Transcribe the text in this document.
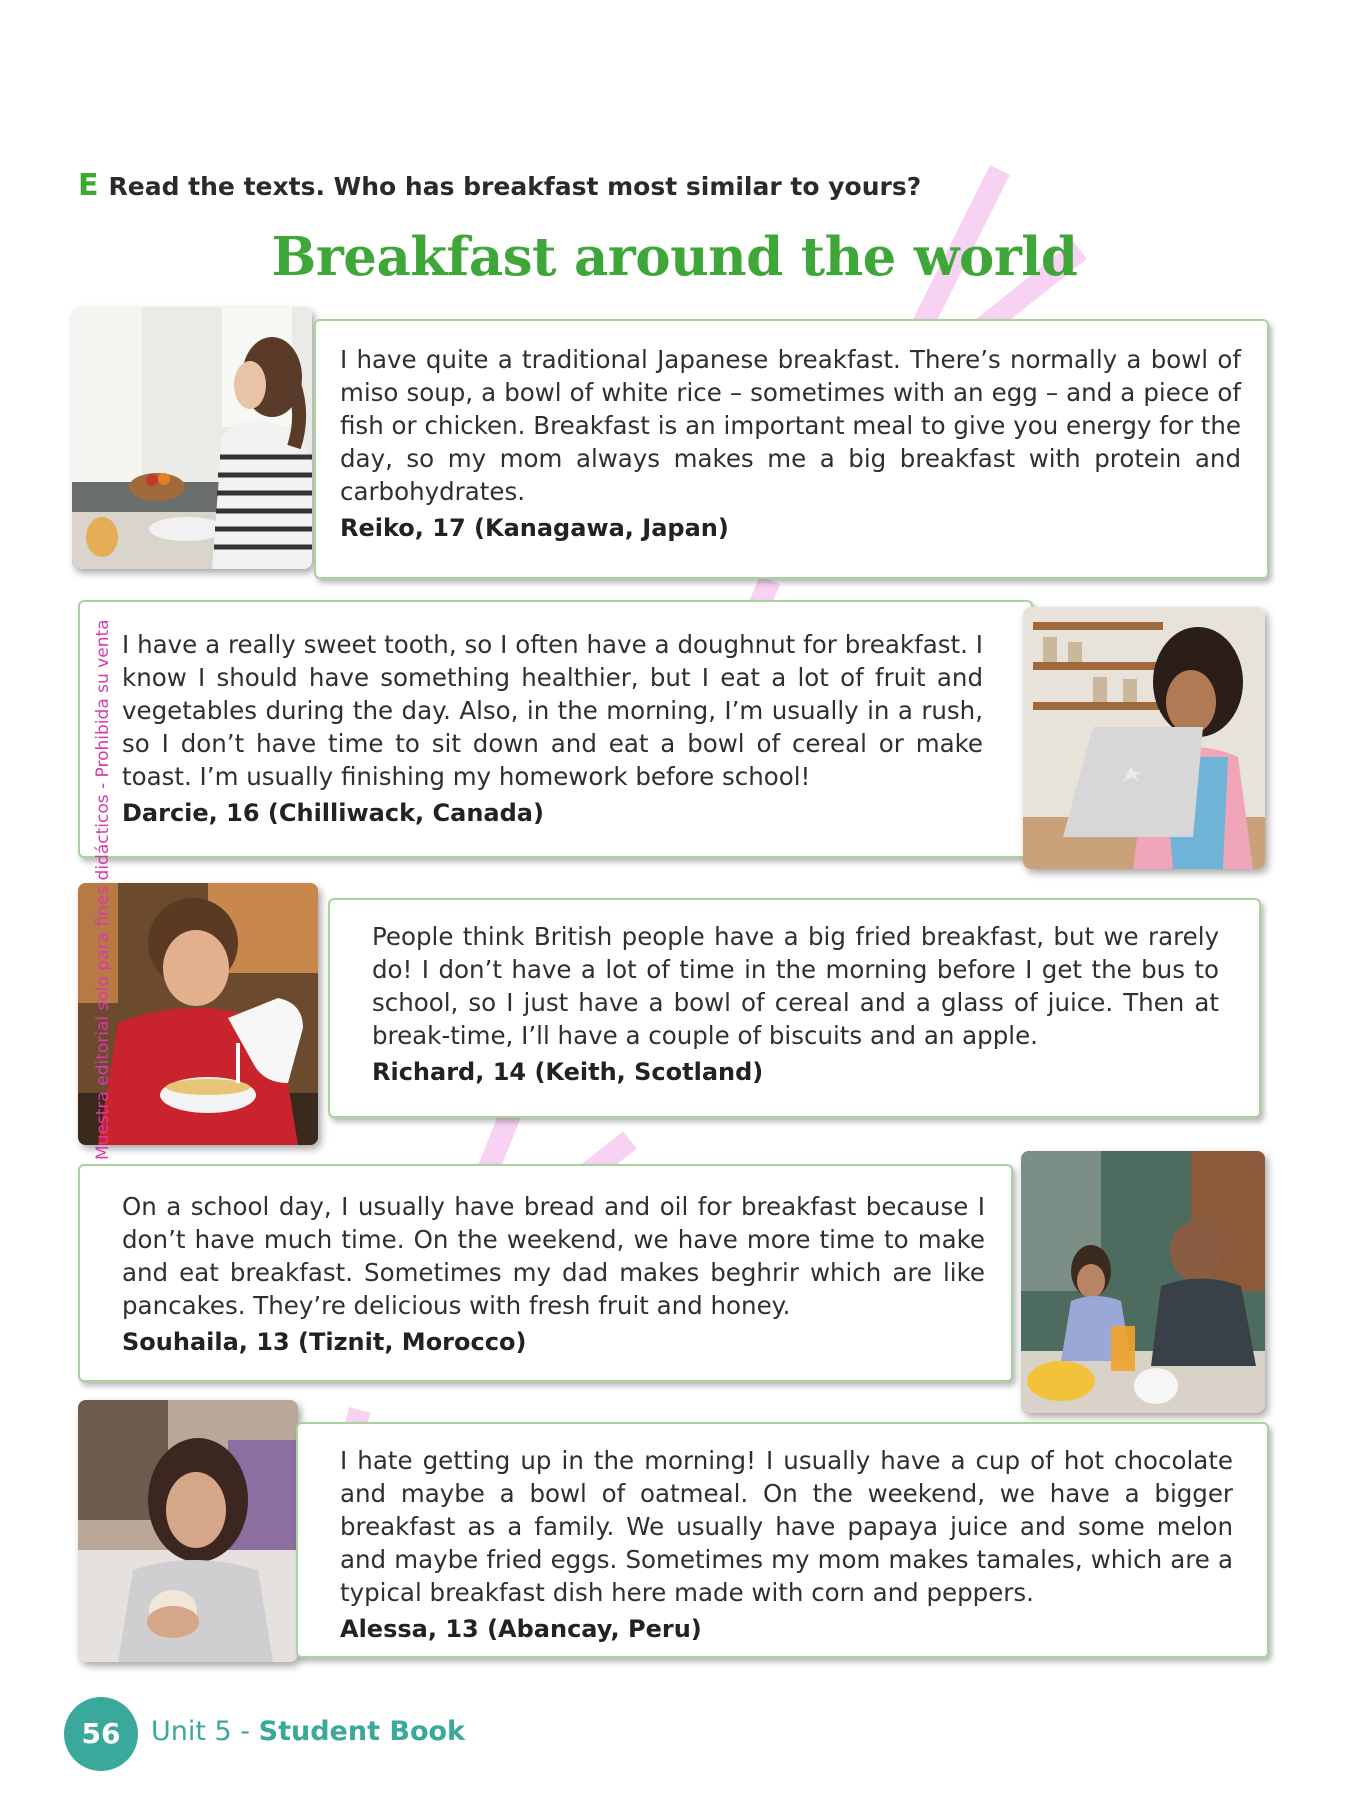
E Read the texts. Who has breakfast most similar to yours?
Breakfast around the world

I have quite a traditional Japanese breakfast. There’s normally a bowl of miso soup, a bowl of white rice – sometimes with an egg – and a piece of fish or chicken. Breakfast is an important meal to give you energy for the day, so my mom always makes me a big breakfast with protein and carbohydrates.

Reiko, 17 (Kanagawa, Japan)

I have a really sweet tooth, so I often have a doughnut for breakfast. I know I should have something healthier, but I eat a lot of fruit and vegetables during the day. Also, in the morning, I’m usually in a rush, so I don’t have time to sit down and eat a bowl of cereal or make toast. I’m usually finishing my homework before school!

Darcie, 16 (Chilliwack, Canada)

People think British people have a big fried breakfast, but we rarely do! I don’t have a lot of time in the morning before I get the bus to school, so I just have a bowl of cereal and a glass of juice. Then at break-time, I’ll have a couple of biscuits and an apple.

Richard, 14 (Keith, Scotland)

On a school day, I usually have bread and oil for breakfast because I don’t have much time. On the weekend, we have more time to make and eat breakfast. Sometimes my dad makes beghrir which are like pancakes. They’re delicious with fresh fruit and honey.

Souhaila, 13 (Tiznit, Morocco)

I hate getting up in the morning! I usually have a cup of hot chocolate and maybe a bowl of oatmeal. On the weekend, we have a bigger breakfast as a family. We usually have papaya juice and some melon and maybe fried eggs. Sometimes my mom makes tamales, which are a typical breakfast dish here made with corn and peppers.

Alessa, 13 (Abancay, Peru)

Muestra editorial solo para fines didácticos - Prohibida su venta
56	Unit 5 - Student Book
